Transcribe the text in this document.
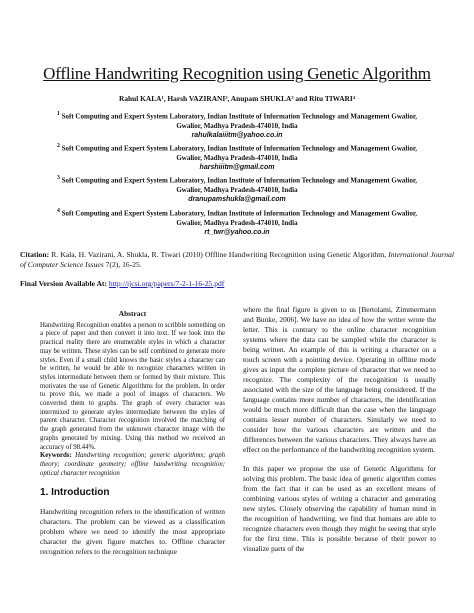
Offline Handwriting Recognition using Genetic Algorithm
Rahul KALA¹, Harsh VAZIRANI², Anupam SHUKLA³ and Ritu TIWARI⁴
$^1$ Soft Computing and Expert System Laboratory, Indian Institute of Information Technology and Management Gwalior,
Gwalior, Madhya Pradesh-474010, India
rahulkalaiiitm@yahoo.co.in
$^2$ Soft Computing and Expert System Laboratory, Indian Institute of Information Technology and Management Gwalior,
Gwalior, Madhya Pradesh-474010, India
harshiiitm@gmail.com
$^3$ Soft Computing and Expert System Laboratory, Indian Institute of Information Technology and Management Gwalior,
Gwalior, Madhya Pradesh-474010, India
dranupamshukla@gmail.com
$^4$ Soft Computing and Expert System Laboratory, Indian Institute of Information Technology and Management Gwalior,
Gwalior, Madhya Pradesh-474010, India
rt_twr@yahoo.co.in
Citation: R. Kala, H. Vazirani, A. Shukla, R. Tiwari (2010) Offline Handwriting Recognition using Genetic Algorithm, International Journal of Computer Science Issues 7(2), 16-25.
Final Version Available At: http://ijcsi.org/papers/7-2-1-16-25.pdf
Abstract
Handwriting Recognition enables a person to scribble something on a piece of paper and then convert it into text. If we look into the practical reality there are enumerable styles in which a character may be written. These styles can be self combined to generate more styles. Even if a small child knows the basic styles a character can be written, he would be able to recognize characters written in styles intermediate between them or formed by their mixture. This motivates the use of Genetic Algorithms for the problem. In order to prove this, we made a pool of images of characters. We converted them to graphs. The graph of every character was intermixed to generate styles intermediate between the styles of parent character. Character recognition involved the matching of the graph generated from the unknown character image with the graphs generated by mixing. Using this method we received an accuracy of 98.44%.
Keywords: Handwriting recognition; generic algorithms; graph theory; coordinate geometry; offline handwriting recognition; optical character recognition
1. Introduction
Handwriting recognition refers to the identification of written characters. The problem can be viewed as a classification problem where we need to identify the most appropriate character the given figure matches to. Offline character recognition refers to the recognition technique

where the final figure is given to us [Bertolami, Zimmermann and Bunke, 2006]. We have no idea of how the writer wrote the letter. This is contrary to the online character recognition systems where the data can be sampled while the character is being written. An example of this is writing a character on a touch screen with a pointing device. Operating in offline mode gives as input the complete picture of character that we need to recognize. The complexity of the recognition is usually associated with the size of the language being considered. If the language contains more number of characters, the identification would be much more difficult than the case when the language contains lesser number of characters. Similarly we need to consider how the various characters are written and the differences between the various characters. They always have an effect on the performance of the handwriting recognition system.

In this paper we propose the use of Genetic Algorithms for solving this problem. The basic idea of genetic algorithm comes from the fact that it can be used as an excellent means of combining various styles of writing a character and generating new styles. Closely observing the capability of human mind in the recognition of handwriting, we find that humans are able to recognize characters even though they might be seeing that style for the first time. This is possible because of their power to visualize parts of the
